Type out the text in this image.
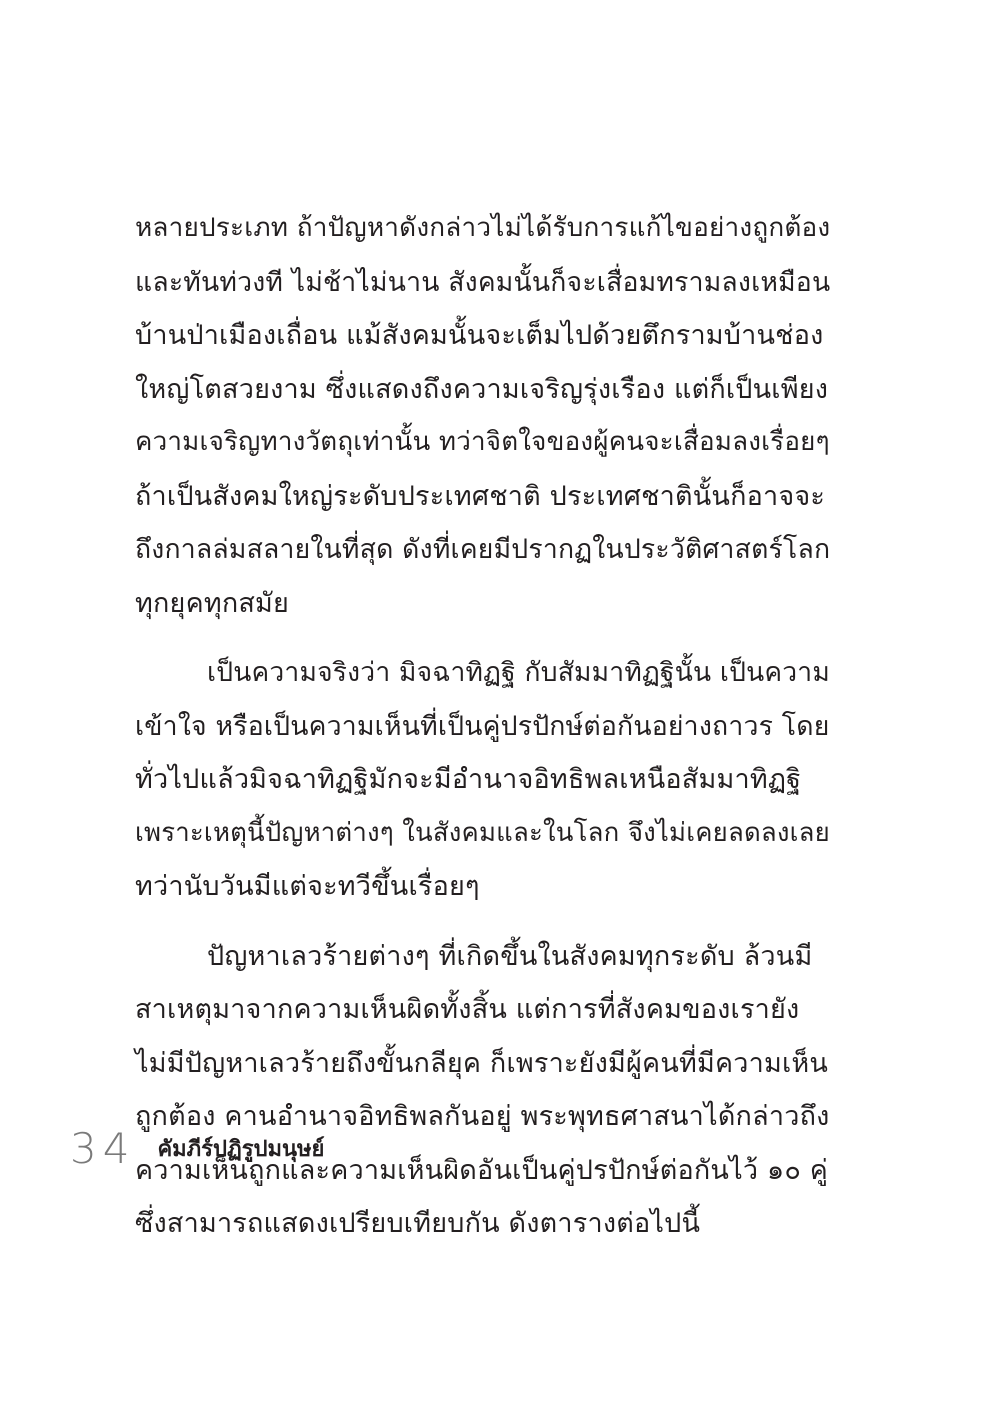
หลายประเภท ถ้าปัญหาดังกล่าวไม่ได้รับการแก้ไขอย่างถูกต้อง
และทันท่วงที ไม่ช้าไม่นาน สังคมนั้นก็จะเสื่อมทรามลงเหมือน
บ้านป่าเมืองเถื่อน แม้สังคมนั้นจะเต็มไปด้วยตึกรามบ้านช่อง
ใหญ่โตสวยงาม ซึ่งแสดงถึงความเจริญรุ่งเรือง แต่ก็เป็นเพียง
ความเจริญทางวัตถุเท่านั้น ทว่าจิตใจของผู้คนจะเสื่อมลงเรื่อยๆ
ถ้าเป็นสังคมใหญ่ระดับประเทศชาติ ประเทศชาตินั้นก็อาจจะ
ถึงกาลล่มสลายในที่สุด ดังที่เคยมีปรากฏในประวัติศาสตร์โลก
ทุกยุคทุกสมัย
เป็นความจริงว่า มิจฉาทิฏฐิ กับสัมมาทิฏฐินั้น เป็นความ
เข้าใจ หรือเป็นความเห็นที่เป็นคู่ปรปักษ์ต่อกันอย่างถาวร โดย
ทั่วไปแล้วมิจฉาทิฏฐิมักจะมีอำนาจอิทธิพลเหนือสัมมาทิฏฐิ
เพราะเหตุนี้ปัญหาต่างๆ ในสังคมและในโลก จึงไม่เคยลดลงเลย
ทว่านับวันมีแต่จะทวีขึ้นเรื่อยๆ
ปัญหาเลวร้ายต่างๆ ที่เกิดขึ้นในสังคมทุกระดับ ล้วนมี
สาเหตุมาจากความเห็นผิดทั้งสิ้น แต่การที่สังคมของเรายัง
ไม่มีปัญหาเลวร้ายถึงขั้นกลียุค ก็เพราะยังมีผู้คนที่มีความเห็น
ถูกต้อง คานอำนาจอิทธิพลกันอยู่ พระพุทธศาสนาได้กล่าวถึง
ความเห็นถูกและความเห็นผิดอันเป็นคู่ปรปักษ์ต่อกันไว้ ๑๐ คู่
ซึ่งสามารถแสดงเปรียบเทียบกัน ดังตารางต่อไปนี้
34 คัมภีร์ปฏิรูปมนุษย์
